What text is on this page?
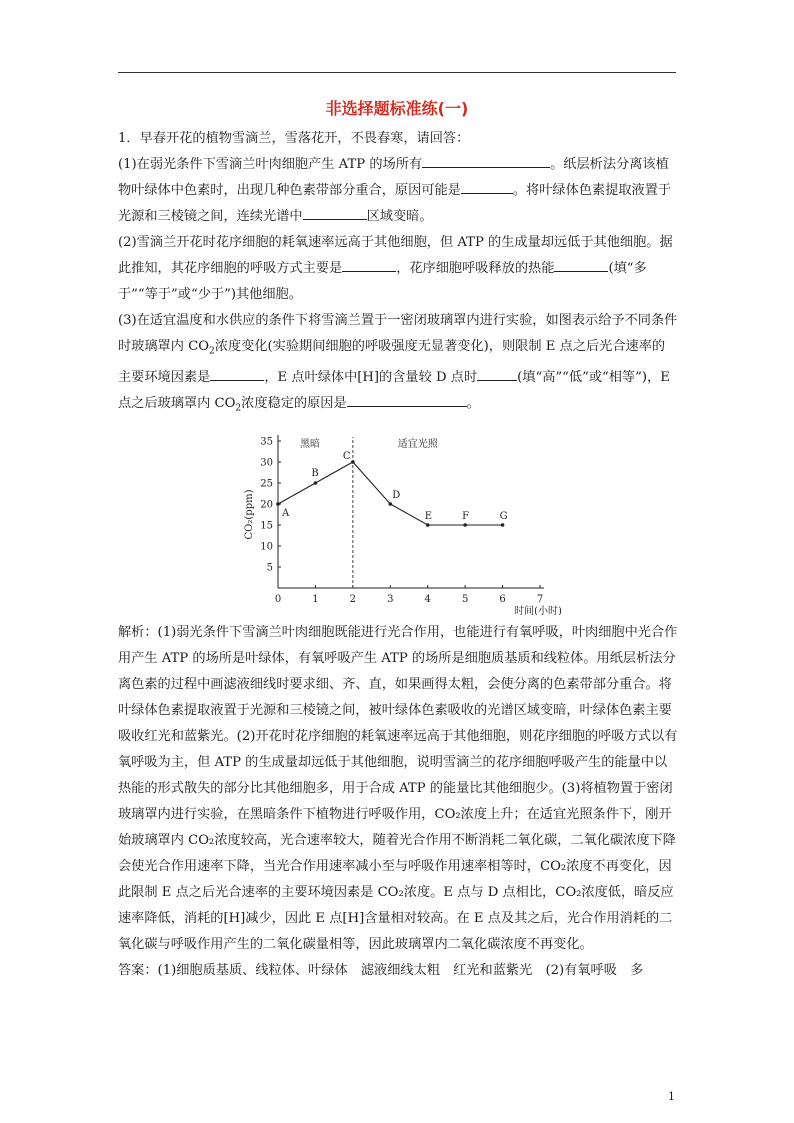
非选择题标准练(一)

1．早春开花的植物雪滴兰，雪落花开，不畏春寒，请回答：

(1)在弱光条件下雪滴兰叶肉细胞产生 ATP 的场所有	。纸层析法分离该植物叶绿体中色素时，出现几种色素带部分重合，原因可能是	。将叶绿体色素提取液置于光源和三棱镜之间，连续光谱中	区域变暗。

(2)雪滴兰开花时花序细胞的耗氧速率远高于其他细胞，但 ATP 的生成量却远低于其他细胞。据此推知，其花序细胞的呼吸方式主要是	，花序细胞呼吸释放的热能	(填“多于”“等于”或“少于”)其他细胞。

(3)在适宜温度和水供应的条件下将雪滴兰置于一密闭玻璃罩内进行实验，如图表示给予不同条件时玻璃罩内 $CO_2$浓度变化(实验期间细胞的呼吸强度无显著变化)，则限制 E 点之后光合速率的主要环境因素是	，E 点叶绿体中[H]的含量较 D 点时	(填“高”“低”或“相等”)，E 点之后玻璃罩内 $CO_2$浓度稳定的原因是	。

0	1	2	3	4	5	6	7
5
10
15
20
25
30
35
时间(小时)
CO₂(ppm)
黑暗	适宜光照
A
B
C
D
E	F	G

解析：(1)弱光条件下雪滴兰叶肉细胞既能进行光合作用，也能进行有氧呼吸，叶肉细胞中光合作用产生 ATP 的场所是叶绿体，有氧呼吸产生 ATP 的场所是细胞质基质和线粒体。用纸层析法分离色素的过程中画滤液细线时要求细、齐、直，如果画得太粗，会使分离的色素带部分重合。将叶绿体色素提取液置于光源和三棱镜之间，被叶绿体色素吸收的光谱区域变暗，叶绿体色素主要吸收红光和蓝紫光。(2)开花时花序细胞的耗氧速率远高于其他细胞，则花序细胞的呼吸方式以有氧呼吸为主，但 ATP 的生成量却远低于其他细胞，说明雪滴兰的花序细胞呼吸产生的能量中以热能的形式散失的部分比其他细胞多，用于合成 ATP 的能量比其他细胞少。(3)将植物置于密闭玻璃罩内进行实验，在黑暗条件下植物进行呼吸作用，CO₂浓度上升；在适宜光照条件下，刚开始玻璃罩内 CO₂浓度较高，光合速率较大，随着光合作用不断消耗二氧化碳，二氧化碳浓度下降会使光合作用速率下降，当光合作用速率减小至与呼吸作用速率相等时，CO₂浓度不再变化，因此限制 E 点之后光合速率的主要环境因素是 CO₂浓度。E 点与 D 点相比，CO₂浓度低，暗反应速率降低，消耗的[H]减少，因此 E 点[H]含量相对较高。在 E 点及其之后，光合作用消耗的二氧化碳与呼吸作用产生的二氧化碳量相等，因此玻璃罩内二氧化碳浓度不再变化。

答案：(1)细胞质基质、线粒体、叶绿体　滤液细线太粗　红光和蓝紫光　(2)有氧呼吸　多

1
